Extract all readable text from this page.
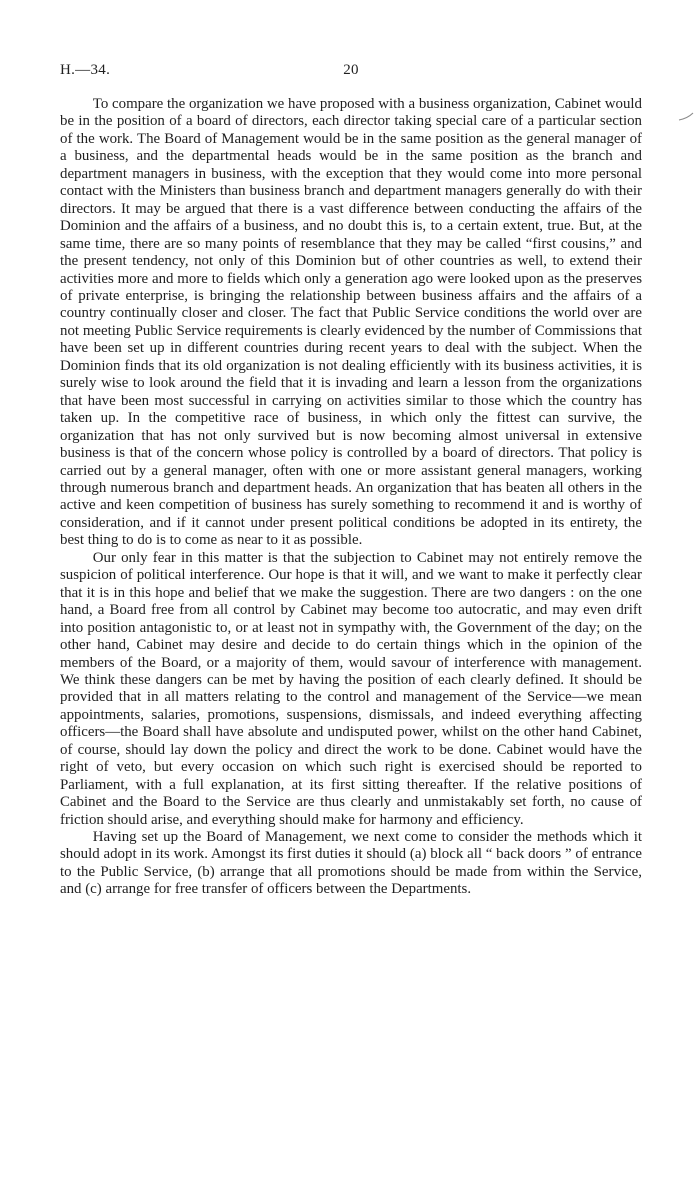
H.—34.	20

To compare the organization we have proposed with a business organization, Cabinet would be in the position of a board of directors, each director taking special care of a particular section of the work. The Board of Management would be in the same position as the general manager of a business, and the departmental heads would be in the same position as the branch and department managers in business, with the exception that they would come into more personal contact with the Ministers than business branch and department managers generally do with their directors. It may be argued that there is a vast difference between conducting the affairs of the Dominion and the affairs of a business, and no doubt this is, to a certain extent, true. But, at the same time, there are so many points of resemblance that they may be called “first cousins,” and the present tendency, not only of this Dominion but of other countries as well, to extend their activities more and more to fields which only a generation ago were looked upon as the preserves of private enterprise, is bringing the relationship between business affairs and the affairs of a country continually closer and closer. The fact that Public Service conditions the world over are not meeting Public Service requirements is clearly evidenced by the number of Commissions that have been set up in different countries during recent years to deal with the subject. When the Dominion finds that its old organization is not dealing efficiently with its business activities, it is surely wise to look around the field that it is invading and learn a lesson from the organizations that have been most successful in carrying on activities similar to those which the country has taken up. In the competitive race of business, in which only the fittest can survive, the organization that has not only survived but is now becoming almost universal in extensive business is that of the concern whose policy is controlled by a board of directors. That policy is carried out by a general manager, often with one or more assistant general managers, working through numerous branch and department heads. An organization that has beaten all others in the active and keen competition of business has surely something to recommend it and is worthy of consideration, and if it cannot under present political conditions be adopted in its entirety, the best thing to do is to come as near to it as possible.

Our only fear in this matter is that the subjection to Cabinet may not entirely remove the suspicion of political interference. Our hope is that it will, and we want to make it perfectly clear that it is in this hope and belief that we make the suggestion. There are two dangers : on the one hand, a Board free from all control by Cabinet may become too autocratic, and may even drift into position antagonistic to, or at least not in sympathy with, the Government of the day; on the other hand, Cabinet may desire and decide to do certain things which in the opinion of the members of the Board, or a majority of them, would savour of interference with management. We think these dangers can be met by having the position of each clearly defined. It should be provided that in all matters relating to the control and management of the Service—we mean appointments, salaries, promotions, suspensions, dismissals, and indeed everything affecting officers—the Board shall have absolute and undisputed power, whilst on the other hand Cabinet, of course, should lay down the policy and direct the work to be done. Cabinet would have the right of veto, but every occasion on which such right is exercised should be reported to Parliament, with a full explanation, at its first sitting thereafter. If the relative positions of Cabinet and the Board to the Service are thus clearly and unmistakably set forth, no cause of friction should arise, and everything should make for harmony and efficiency.

Having set up the Board of Management, we next come to consider the methods which it should adopt in its work. Amongst its first duties it should (a) block all “ back doors ” of entrance to the Public Service, (b) arrange that all promotions should be made from within the Service, and (c) arrange for free transfer of officers between the Departments.
